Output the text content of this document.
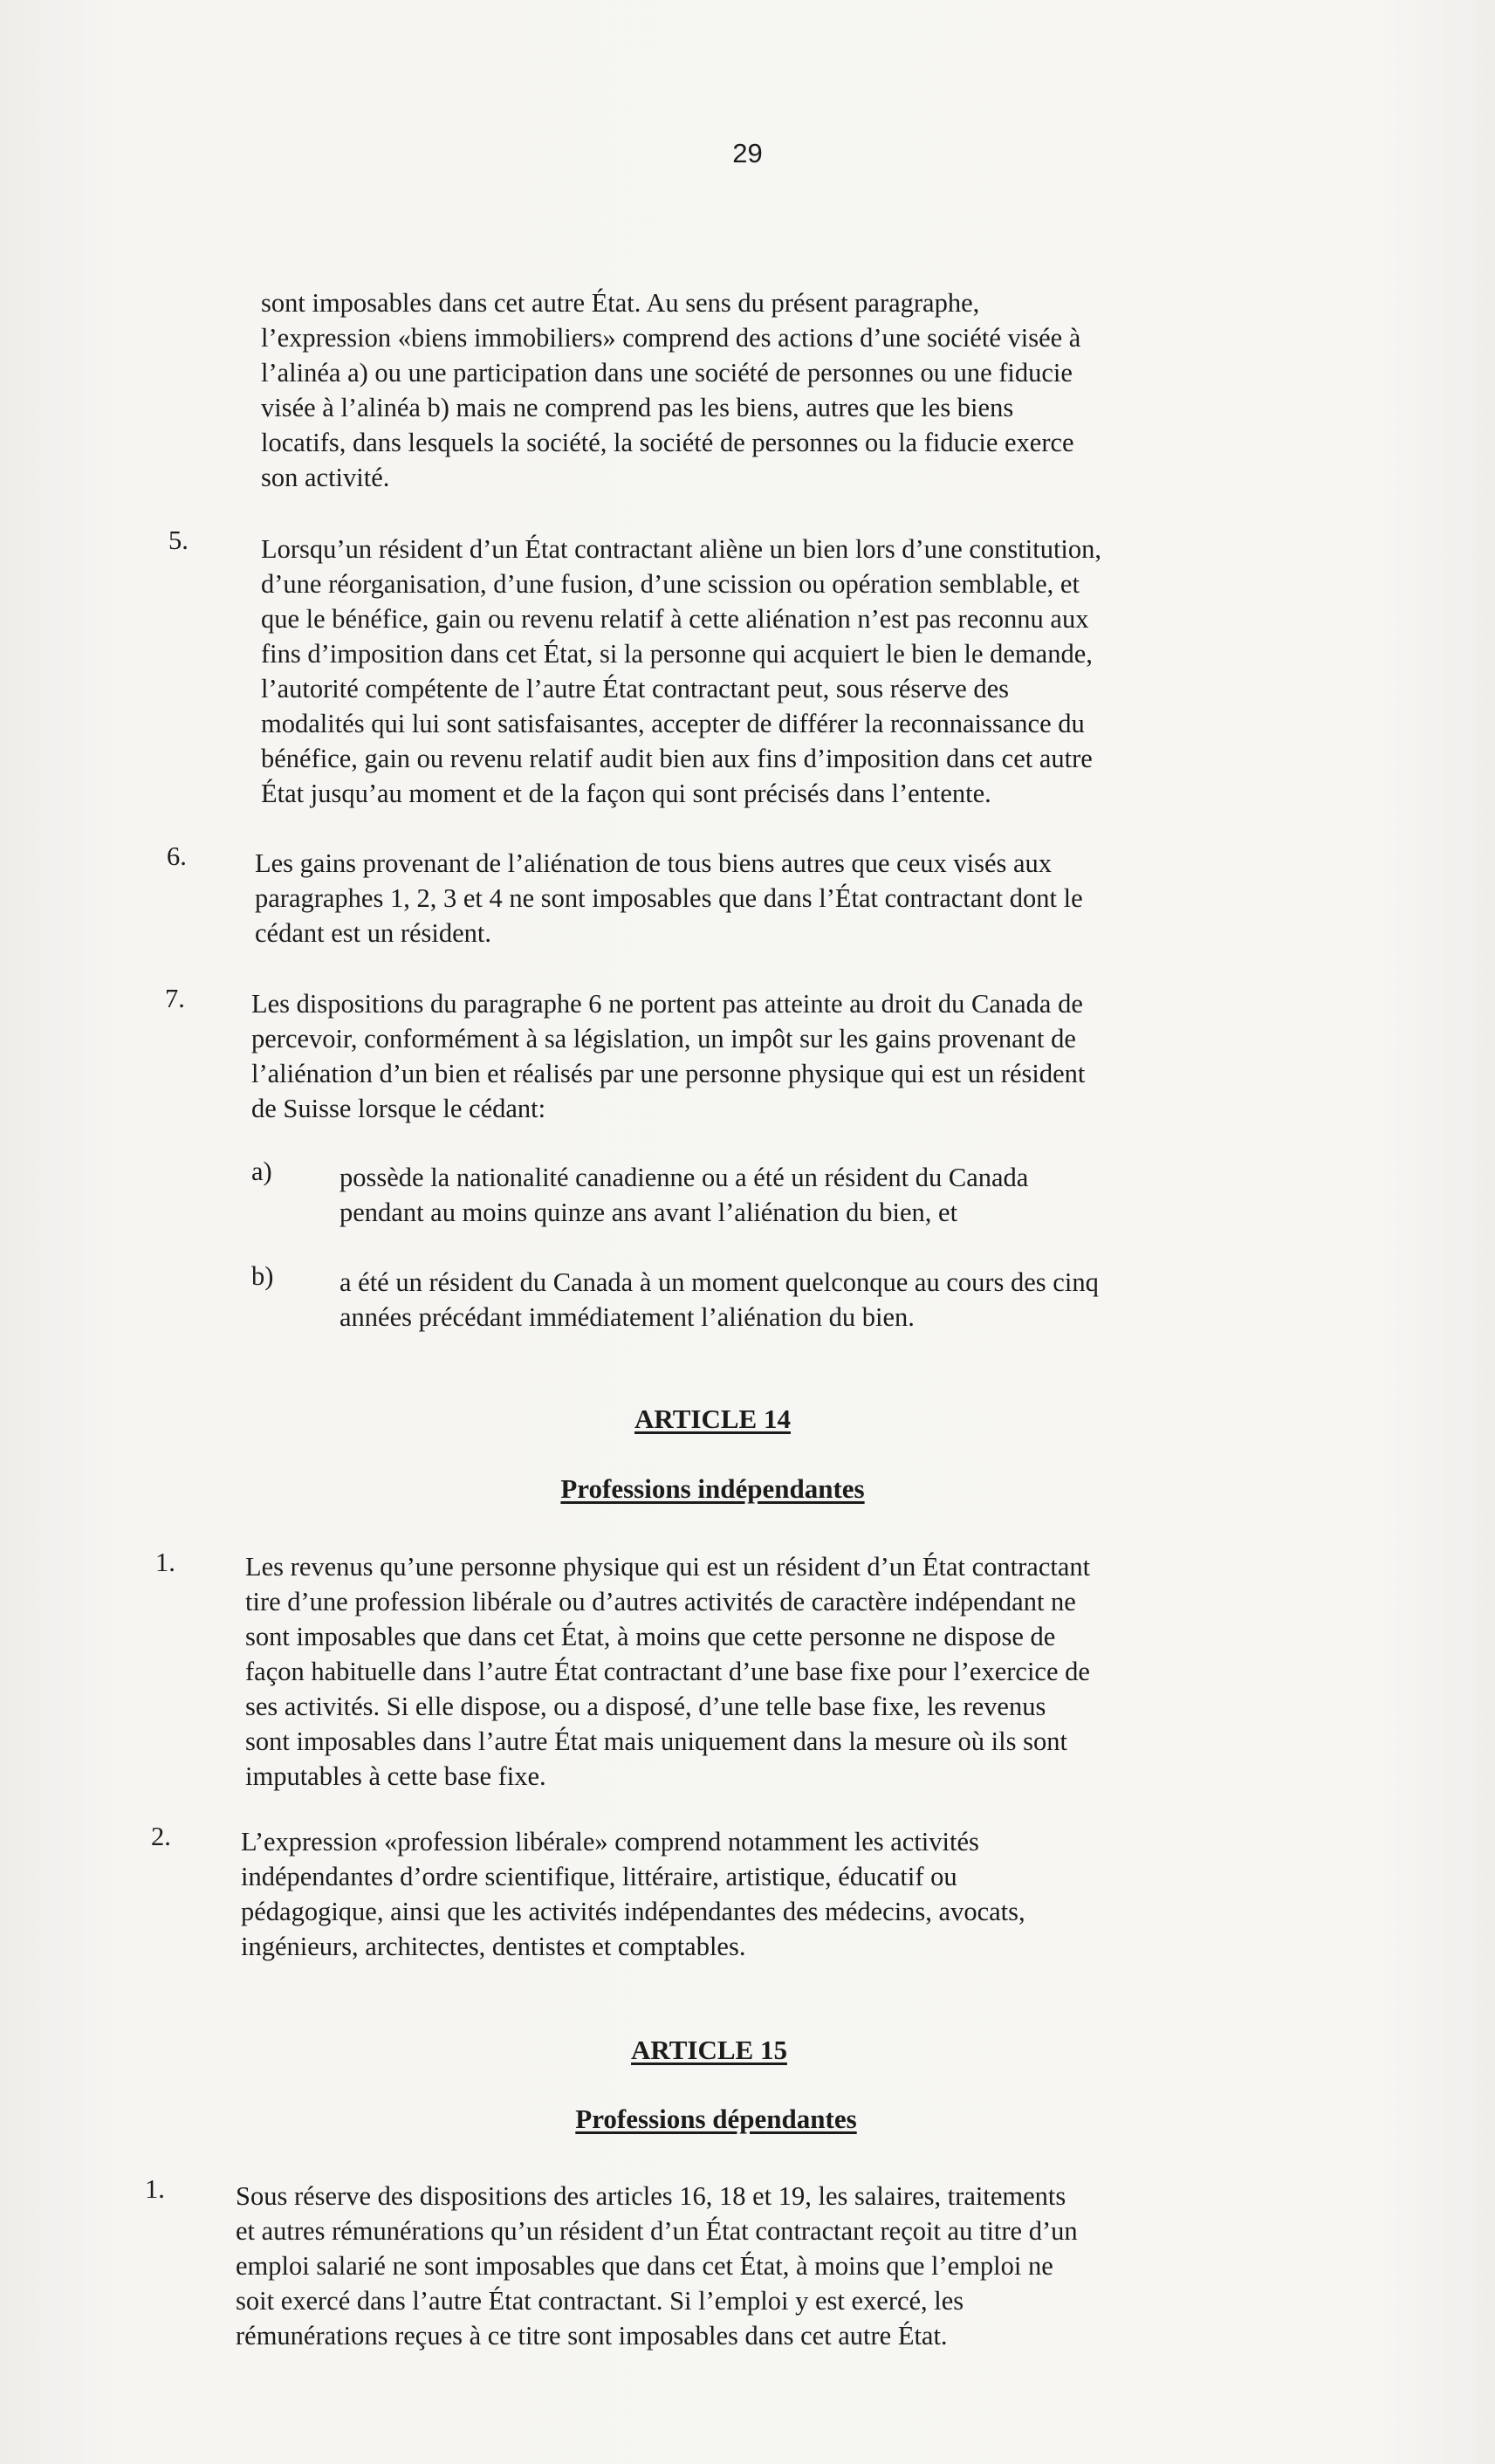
29
sont imposables dans cet autre État. Au sens du présent paragraphe,
l’expression «biens immobiliers» comprend des actions d’une société visée à
l’alinéa a) ou une participation dans une société de personnes ou une fiducie
visée à l’alinéa b) mais ne comprend pas les biens, autres que les biens
locatifs, dans lesquels la société, la société de personnes ou la fiducie exerce
son activité.
5.	Lorsqu’un résident d’un État contractant aliène un bien lors d’une constitution,
d’une réorganisation, d’une fusion, d’une scission ou opération semblable, et
que le bénéfice, gain ou revenu relatif à cette aliénation n’est pas reconnu aux
fins d’imposition dans cet État, si la personne qui acquiert le bien le demande,
l’autorité compétente de l’autre État contractant peut, sous réserve des
modalités qui lui sont satisfaisantes, accepter de différer la reconnaissance du
bénéfice, gain ou revenu relatif audit bien aux fins d’imposition dans cet autre
État jusqu’au moment et de la façon qui sont précisés dans l’entente.
6.	Les gains provenant de l’aliénation de tous biens autres que ceux visés aux
paragraphes 1, 2, 3 et 4 ne sont imposables que dans l’État contractant dont le
cédant est un résident.
7. Les dispositions du paragraphe 6 ne portent pas atteinte au droit du Canada de
percevoir, conformément à sa législation, un impôt sur les gains provenant de
l’aliénation d’un bien et réalisés par une personne physique qui est un résident
de Suisse lorsque le cédant:
a)	possède la nationalité canadienne ou a été un résident du Canada
pendant au moins quinze ans avant l’aliénation du bien, et
b) a été un résident du Canada à un moment quelconque au cours des cinq
années précédant immédiatement l’aliénation du bien.
ARTICLE 14
Professions indépendantes
1.	Les revenus qu’une personne physique qui est un résident d’un État contractant
tire d’une profession libérale ou d’autres activités de caractère indépendant ne
sont imposables que dans cet État, à moins que cette personne ne dispose de
façon habituelle dans l’autre État contractant d’une base fixe pour l’exercice de
ses activités. Si elle dispose, ou a disposé, d’une telle base fixe, les revenus
sont imposables dans l’autre État mais uniquement dans la mesure où ils sont
imputables à cette base fixe.
2.	L’expression «profession libérale» comprend notamment les activités
indépendantes d’ordre scientifique, littéraire, artistique, éducatif ou
pédagogique, ainsi que les activités indépendantes des médecins, avocats,
ingénieurs, architectes, dentistes et comptables.
ARTICLE 15
Professions dépendantes
1.	Sous réserve des dispositions des articles 16, 18 et 19, les salaires, traitements
et autres rémunérations qu’un résident d’un État contractant reçoit au titre d’un
emploi salarié ne sont imposables que dans cet État, à moins que l’emploi ne
soit exercé dans l’autre État contractant. Si l’emploi y est exercé, les
rémunérations reçues à ce titre sont imposables dans cet autre État.
